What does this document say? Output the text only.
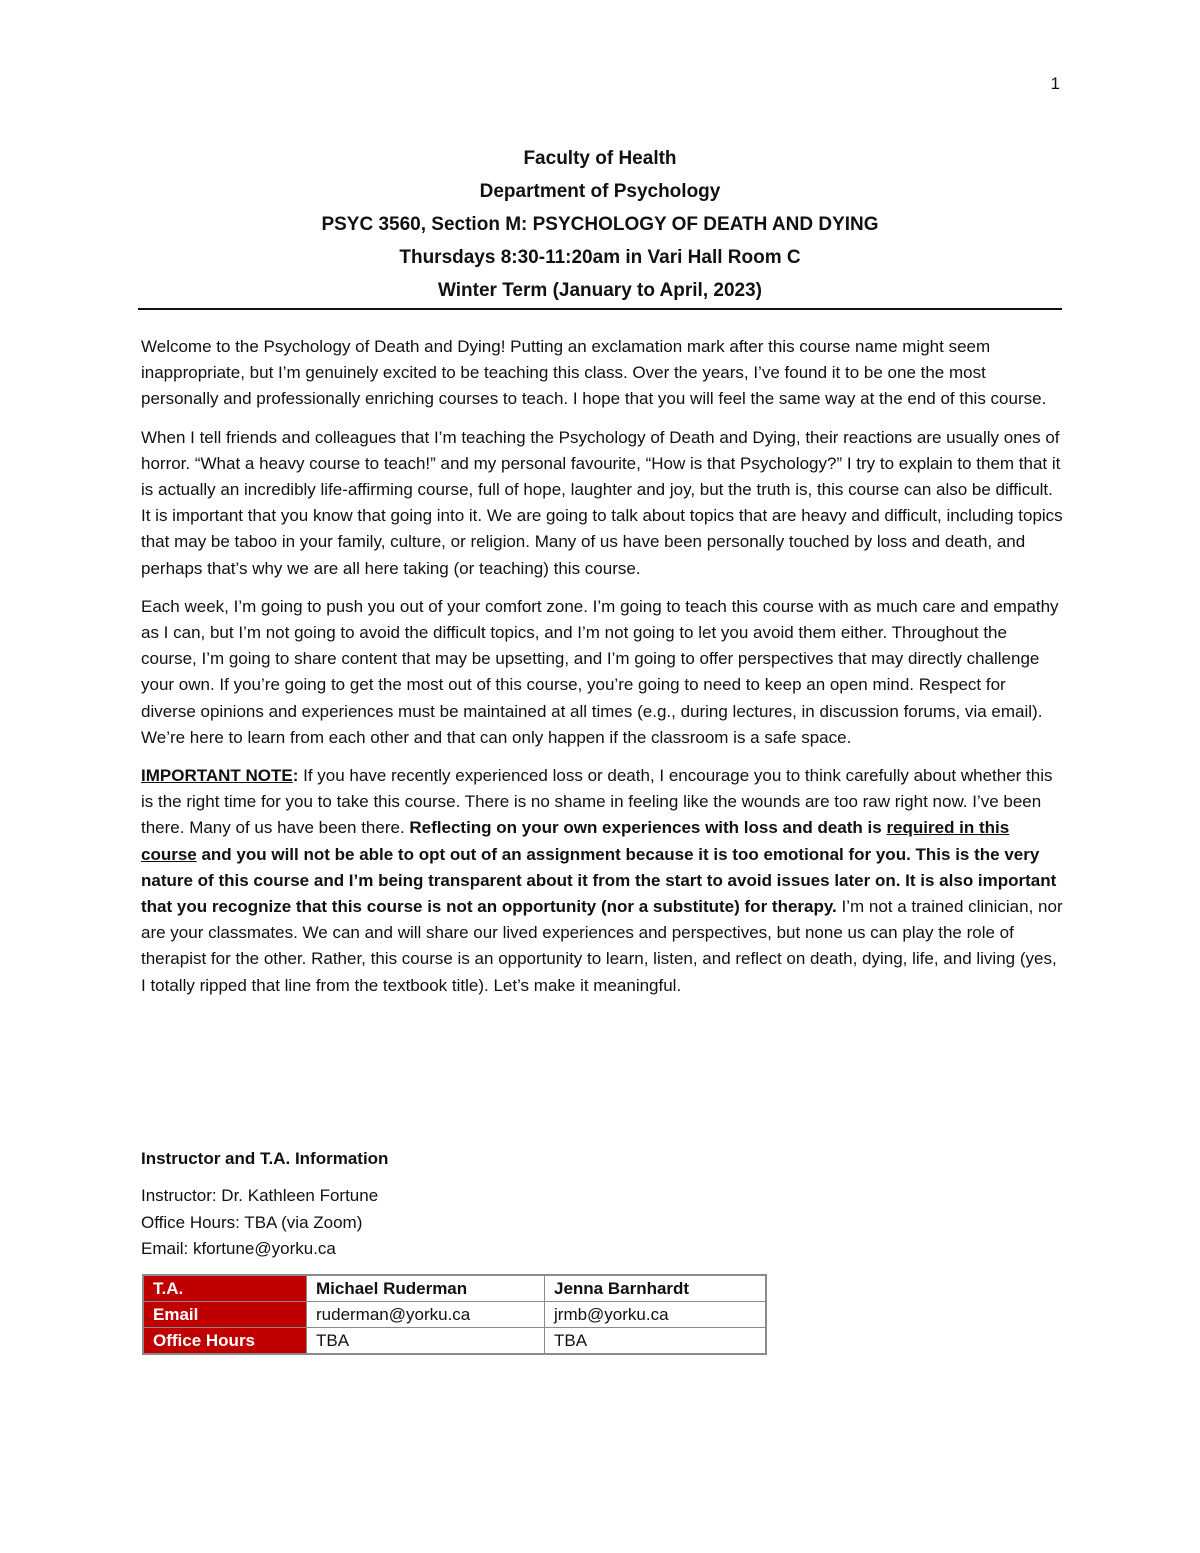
1
Faculty of Health
Department of Psychology
PSYC 3560, Section M: PSYCHOLOGY OF DEATH AND DYING
Thursdays 8:30-11:20am in Vari Hall Room C
Winter Term (January to April, 2023)

Welcome to the Psychology of Death and Dying! Putting an exclamation mark after this course name might seem inappropriate, but I’m genuinely excited to be teaching this class. Over the years, I’ve found it to be one the most personally and professionally enriching courses to teach. I hope that you will feel the same way at the end of this course.

When I tell friends and colleagues that I’m teaching the Psychology of Death and Dying, their reactions are usually ones of horror. “What a heavy course to teach!” and my personal favourite, “How is that Psychology?” I try to explain to them that it is actually an incredibly life-affirming course, full of hope, laughter and joy, but the truth is, this course can also be difficult. It is important that you know that going into it. We are going to talk about topics that are heavy and difficult, including topics that may be taboo in your family, culture, or religion. Many of us have been personally touched by loss and death, and perhaps that’s why we are all here taking (or teaching) this course.

Each week, I’m going to push you out of your comfort zone. I’m going to teach this course with as much care and empathy as I can, but I’m not going to avoid the difficult topics, and I’m not going to let you avoid them either. Throughout the course, I’m going to share content that may be upsetting, and I’m going to offer perspectives that may directly challenge your own. If you’re going to get the most out of this course, you’re going to need to keep an open mind. Respect for diverse opinions and experiences must be maintained at all times (e.g., during lectures, in discussion forums, via email). We’re here to learn from each other and that can only happen if the classroom is a safe space.

IMPORTANT NOTE: If you have recently experienced loss or death, I encourage you to think carefully about whether this is the right time for you to take this course. There is no shame in feeling like the wounds are too raw right now. I’ve been there. Many of us have been there. Reflecting on your own experiences with loss and death is required in this course and you will not be able to opt out of an assignment because it is too emotional for you. This is the very nature of this course and I’m being transparent about it from the start to avoid issues later on. It is also important that you recognize that this course is not an opportunity (nor a substitute) for therapy. I’m not a trained clinician, nor are your classmates. We can and will share our lived experiences and perspectives, but none us can play the role of therapist for the other. Rather, this course is an opportunity to learn, listen, and reflect on death, dying, life, and living (yes, I totally ripped that line from the textbook title). Let’s make it meaningful.

Instructor and T.A. Information
Instructor: Dr. Kathleen Fortune
Office Hours: TBA (via Zoom)
Email: kfortune@yorku.ca
T.A.	Michael Ruderman	Jenna Barnhardt
Email	ruderman@yorku.ca	jrmb@yorku.ca
Office Hours	TBA	TBA
